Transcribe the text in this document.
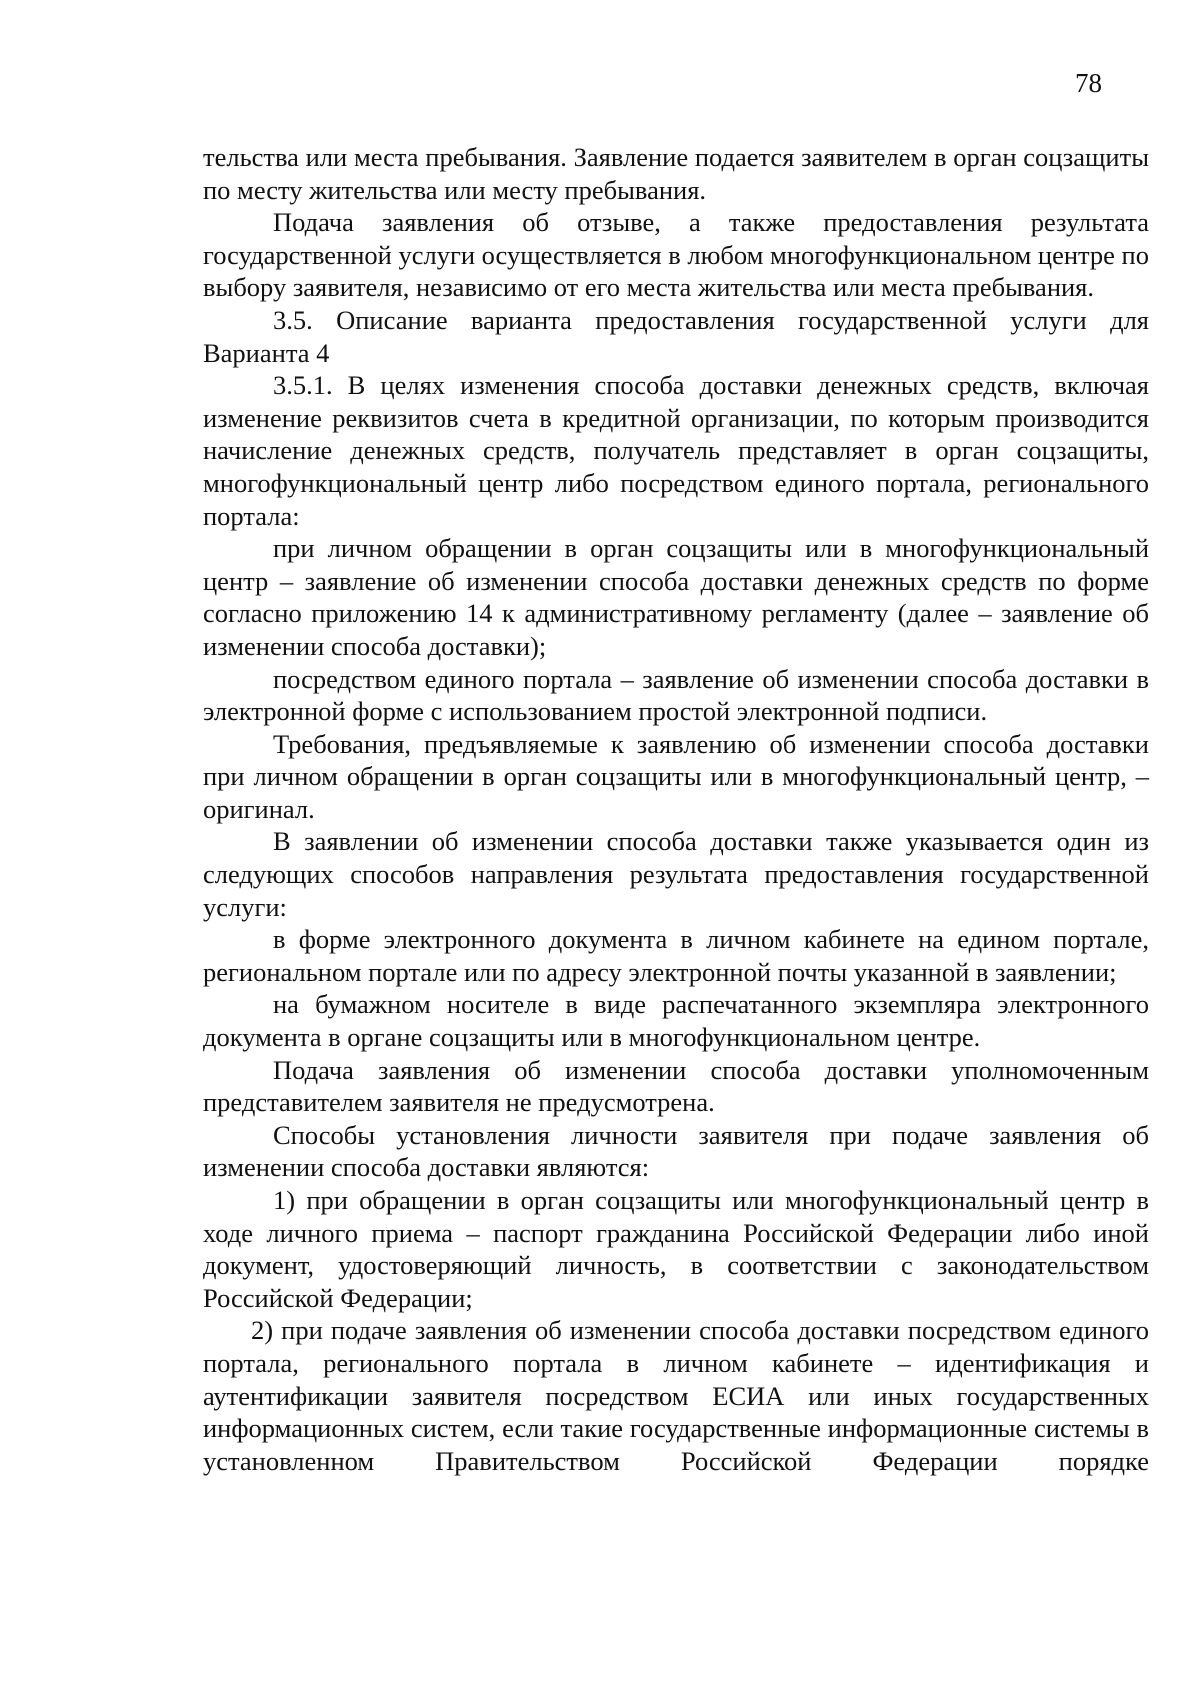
78

тельства или места пребывания. Заявление подается заявителем в орган соцзащиты по месту жительства или месту пребывания.

Подача заявления об отзыве, а также предоставления результата государственной услуги осуществляется в любом многофункциональном центре по выбору заявителя, независимо от его места жительства или места пребывания.

3.5. Описание варианта предоставления государственной услуги для Варианта 4

3.5.1. В целях изменения способа доставки денежных средств, включая изменение реквизитов счета в кредитной организации, по которым производится начисление денежных средств, получатель представляет в орган соцзащиты, многофункциональный центр либо посредством единого портала, регионального портала:

при личном обращении в орган соцзащиты или в многофункциональный центр – заявление об изменении способа доставки денежных средств по форме согласно приложению 14 к административному регламенту (далее – заявление об изменении способа доставки);

посредством единого портала – заявление об изменении способа доставки в электронной форме с использованием простой электронной подписи.

Требования, предъявляемые к заявлению об изменении способа доставки при личном обращении в орган соцзащиты или в многофункциональный центр, – оригинал.

В заявлении об изменении способа доставки также указывается один из следующих способов направления результата предоставления государственной услуги:

в форме электронного документа в личном кабинете на едином портале, региональном портале или по адресу электронной почты указанной в заявлении;

на бумажном носителе в виде распечатанного экземпляра электронного документа в органе соцзащиты или в многофункциональном центре.

Подача заявления об изменении способа доставки уполномоченным представителем заявителя не предусмотрена.

Способы установления личности заявителя при подаче заявления об изменении способа доставки являются:

1) при обращении в орган соцзащиты или многофункциональный центр в ходе личного приема – паспорт гражданина Российской Федерации либо иной документ, удостоверяющий личность, в соответствии с законодательством Российской Федерации;

2) при подаче заявления об изменении способа доставки посредством единого портала, регионального портала в личном кабинете – идентификация и аутентификации заявителя посредством ЕСИА или иных государственных информационных систем, если такие государственные информационные системы в установленном Правительством Российской Федерации порядке
